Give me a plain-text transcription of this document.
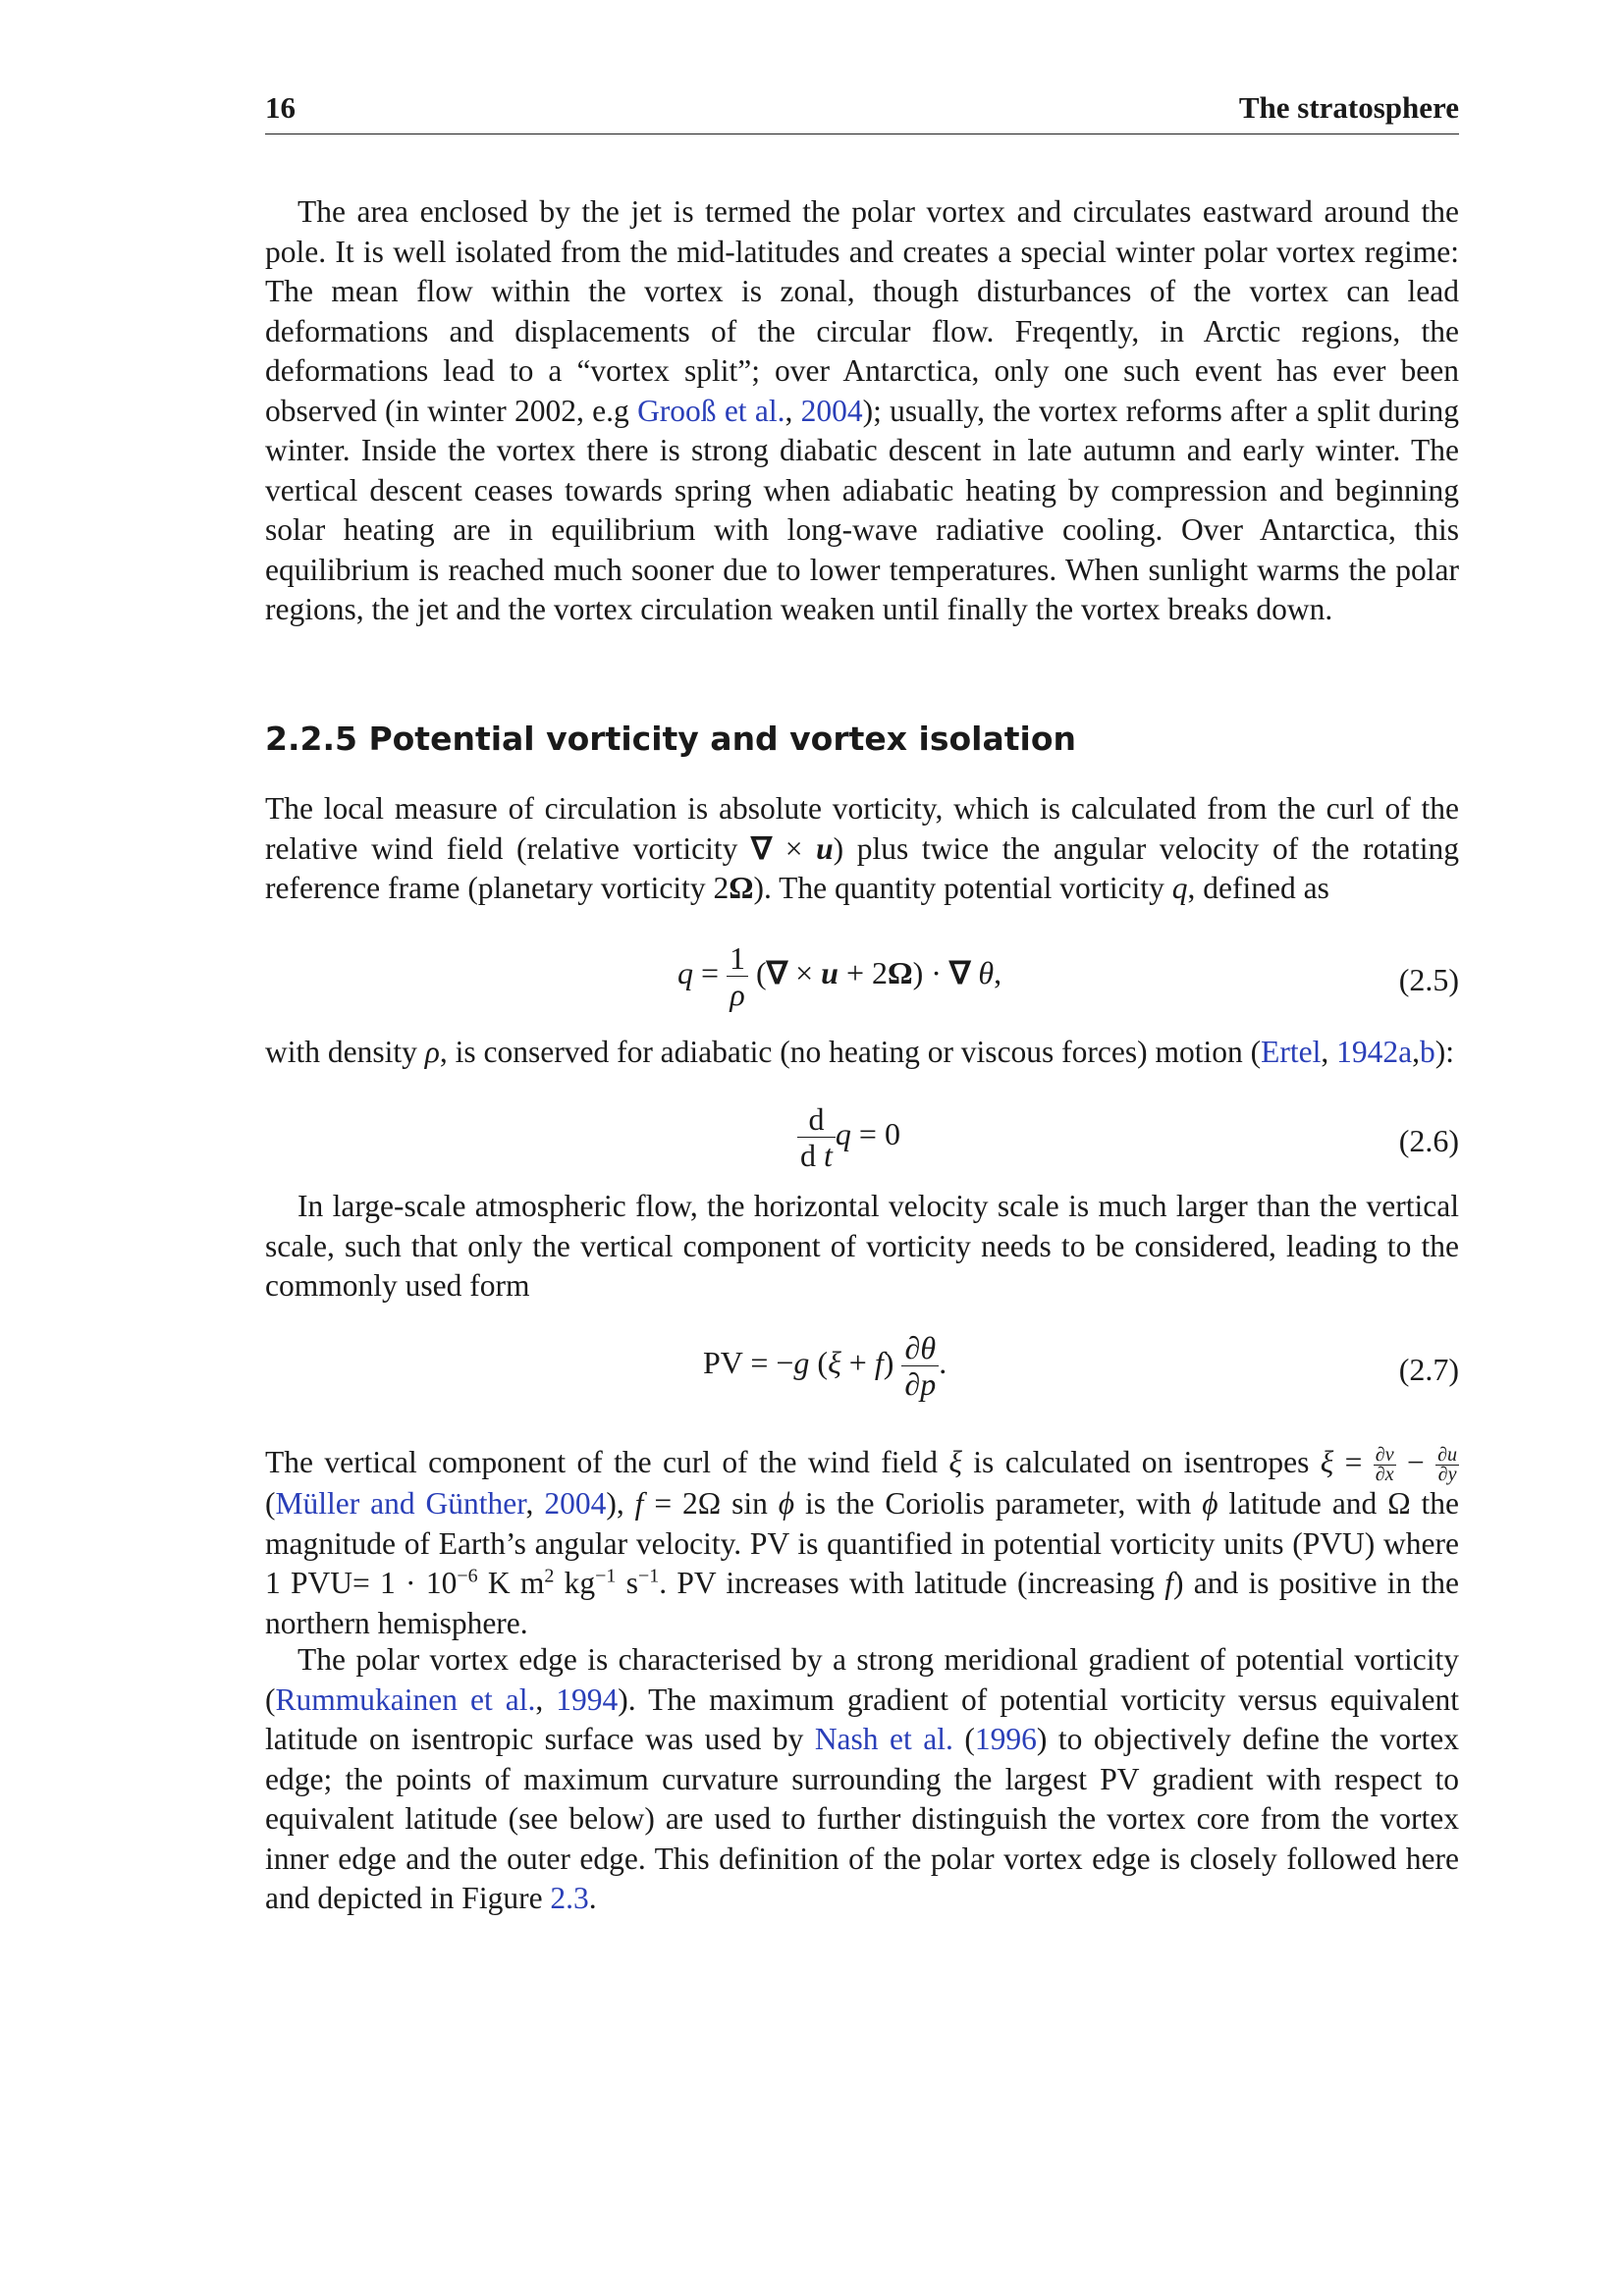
16	The stratosphere

The area enclosed by the jet is termed the polar vortex and circulates eastward around the pole. It is well isolated from the mid-latitudes and creates a special winter polar vortex regime: The mean flow within the vortex is zonal, though disturbances of the vortex can lead deformations and displacements of the circular flow. Freqently, in Arctic regions, the deformations lead to a “vortex split”; over Antarctica, only one such event has ever been observed (in winter 2002, e.g Grooß et al., 2004); usually, the vortex reforms after a split during winter. Inside the vortex there is strong diabatic descent in late autumn and early winter. The vertical descent ceases towards spring when adiabatic heating by compression and beginning solar heating are in equilibrium with long-wave radiative cooling. Over Antarctica, this equilibrium is reached much sooner due to lower temperatures. When sunlight warms the polar regions, the jet and the vortex circulation weaken until finally the vortex breaks down.

2.2.5 Potential vorticity and vortex isolation

The local measure of circulation is absolute vorticity, which is calculated from the curl of the relative wind field (relative vorticity ∇ × u) plus twice the angular velocity of the rotating reference frame (planetary vorticity 2Ω). The quantity potential vorticity q, defined as

$q = \frac{1}{\rho}$ (∇ × u + 2Ω) · ∇ θ,	(2.5)

with density ρ, is conserved for adiabatic (no heating or viscous forces) motion (Ertel, 1942a,b):

$\frac{d}{\text{d t}}$ q = 0	(2.6)

In large-scale atmospheric flow, the horizontal velocity scale is much larger than the vertical scale, such that only the vertical component of vorticity needs to be considered, leading to the commonly used form

PV = −g $(\xi + f) \frac{\partial\theta}{\partial p}$ .	(2.7)

The vertical component of the curl of the wind field ξ is calculated on isentropes $\xi = \frac{\partial v}{\partial x} - \frac{\partial u}{\partial y}$
(Müller and Günther, 2004), f = 2Ω sin ϕ is the Coriolis parameter, with ϕ latitude and Ω the magnitude of Earth’s angular velocity. PV is quantified in potential vorticity units (PVU) where 1 $PVU= 1 \cdot 10^{-6}$ K $m^2$ $kg^{-1}$ $s^{-1}$. PV increases with latitude (increasing f) and is positive in the northern hemisphere.

The polar vortex edge is characterised by a strong meridional gradient of potential vorticity (Rummukainen et al., 1994). The maximum gradient of potential vorticity versus equivalent latitude on isentropic surface was used by Nash et al. (1996) to objectively define the vortex edge; the points of maximum curvature surrounding the largest PV gradient with respect to equivalent latitude (see below) are used to further distinguish the vortex core from the vortex inner edge and the outer edge. This definition of the polar vortex edge is closely followed here and depicted in Figure 2.3.
